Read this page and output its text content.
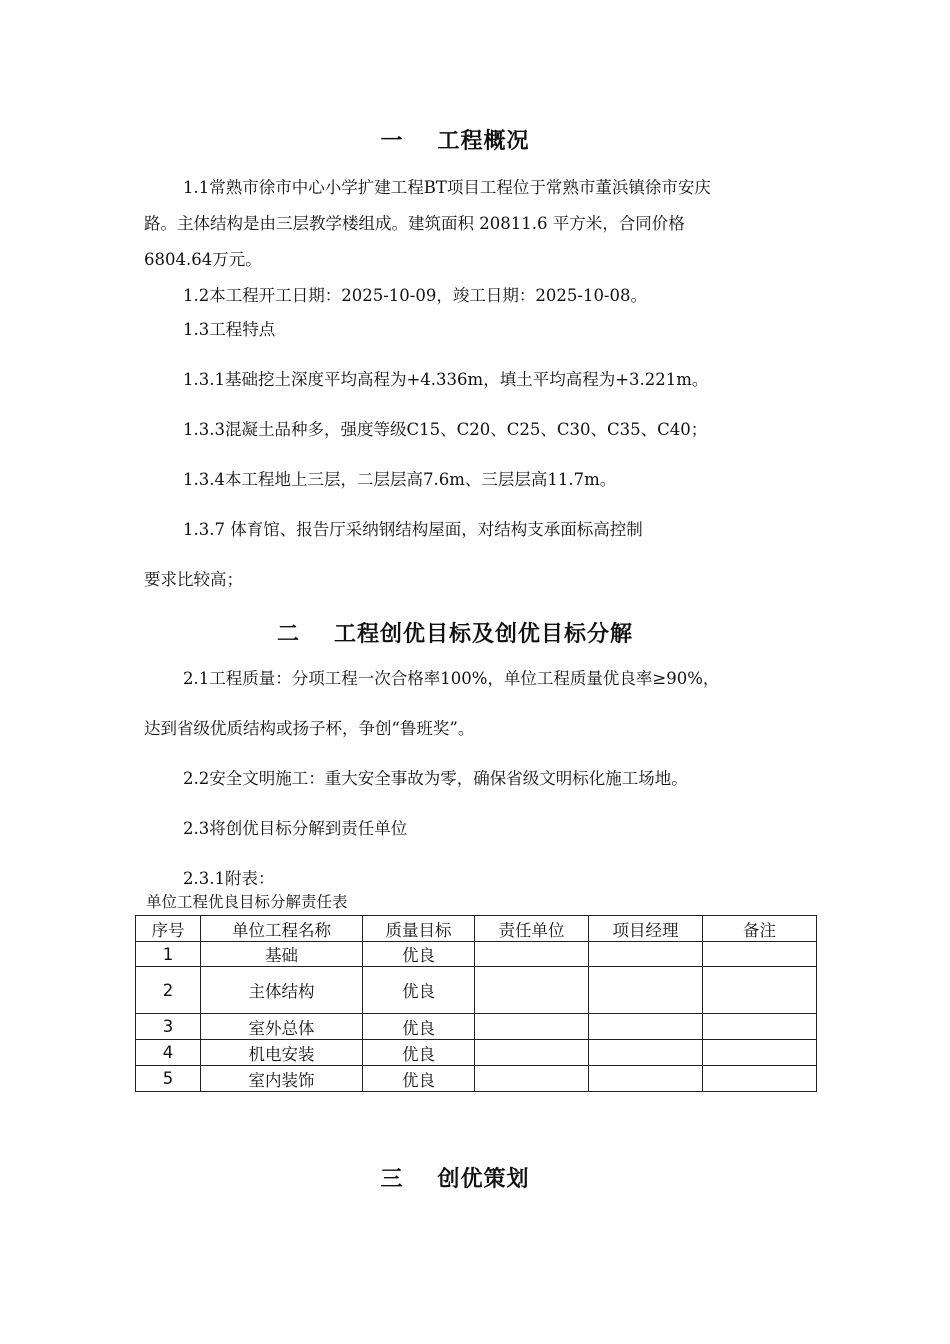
一 工程概况
1.1常熟市徐市中心小学扩建工程BT项目工程位于常熟市董浜镇徐市安庆
路。主体结构是由三层教学楼组成。建筑面积 20811.6 平方米，合同价格
6804.64万元。
1.2本工程开工日期：2025-10-09，竣工日期：2025-10-08。
1.3工程特点
1.3.1基础挖土深度平均高程为+4.336m，填土平均高程为+3.221m。
1.3.3混凝土品种多，强度等级C15、C20、C25、C30、C35、C40；
1.3.4本工程地上三层，二层层高7.6m、三层层高11.7m。
1.3.7 体育馆、报告厅采纳钢结构屋面，对结构支承面标高控制
要求比较高；
二 工程创优目标及创优目标分解
2.1工程质量：分项工程一次合格率100%，单位工程质量优良率≥90%，
达到省级优质结构或扬子杯，争创“鲁班奖”。
2.2安全文明施工：重大安全事故为零，确保省级文明标化施工场地。
2.3将创优目标分解到责任单位
2.3.1附表：
单位工程优良目标分解责任表
序号	单位工程名称	质量目标	责任单位	项目经理	备注
1	基础	优良			
2	主体结构	优良			
3	室外总体	优良			
4	机电安装	优良			
5	室内装饰	优良			
三 创优策划
